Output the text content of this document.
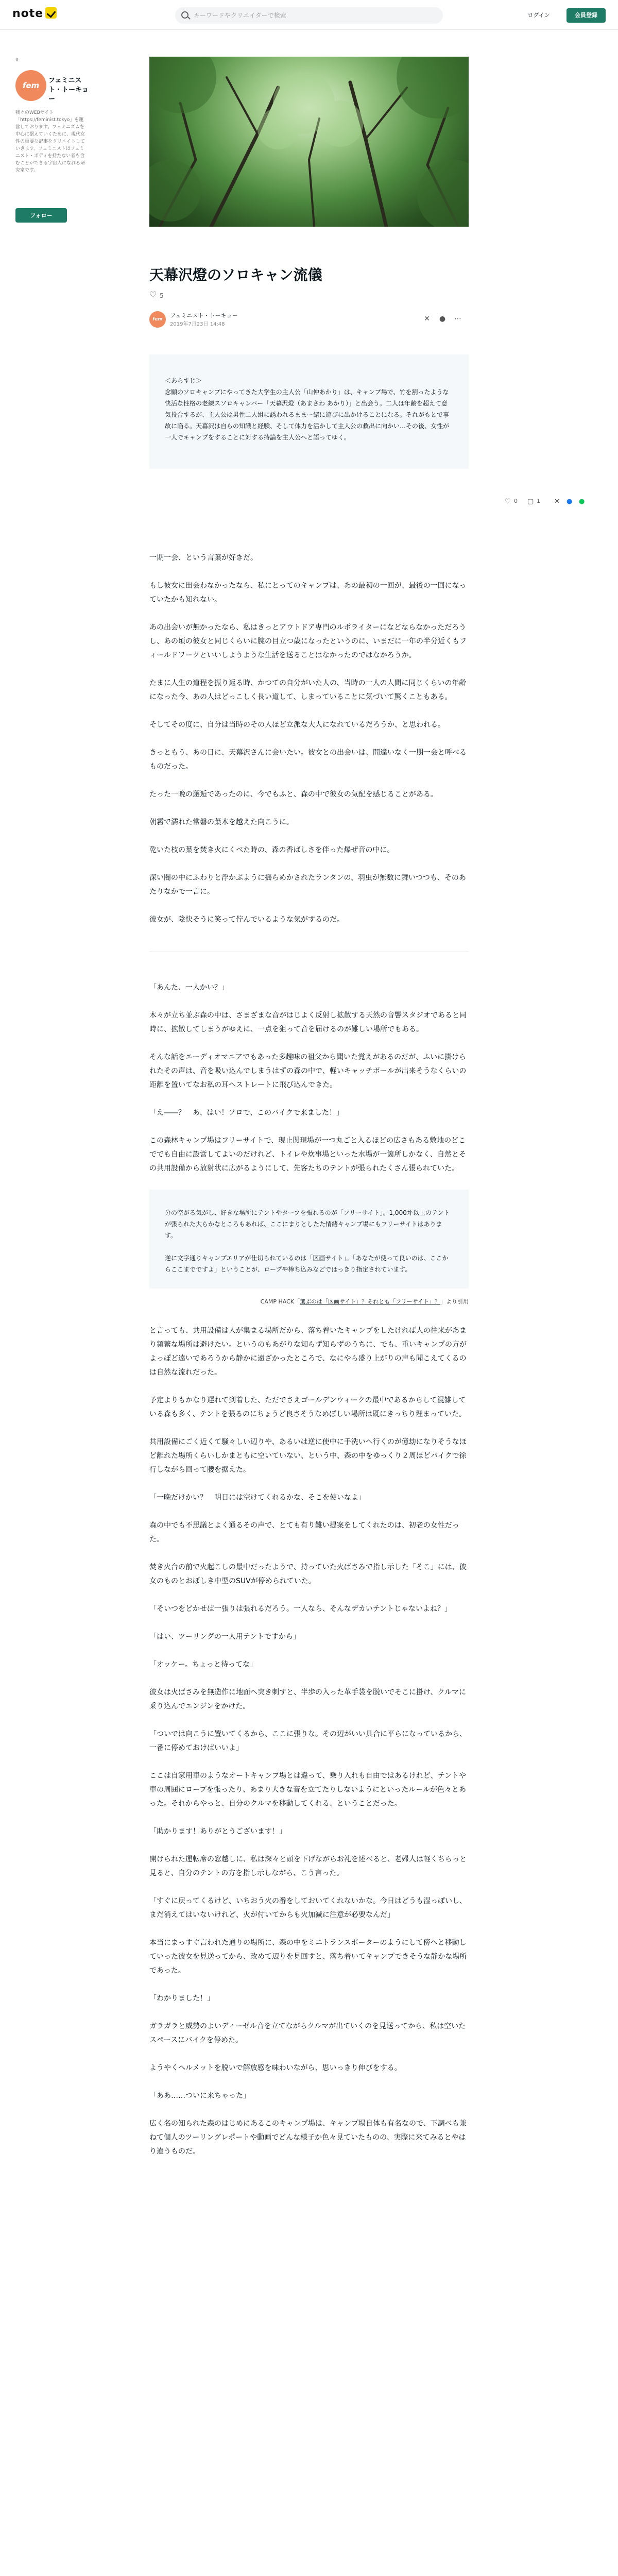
note
キーワードやクリエイターで検索	ログイン	会員登録
ft
fem
フェミニスト・トーキョー
我々のWEBサイト「https://feminist.tokyo」を運営しております。フェミニズムを中心に据えていくために、現代女性の重要な記事をクリエイトしていきます。フェミニストはフェミニスト・ボディを持たない者も含むことができる宇宙人になれる研究室です。
フォロー
天幕沢燈のソロキャン流儀
♡5
fem
フェミニスト・トーキョー
2019年7月23日 14:48
✕ ● ⋯

＜あらすじ＞

念願のソロキャンプにやってきた大学生の主人公「山仲あかり」は、キャンプ場で、竹を割ったような快活な性格の老練スソロキャンパー「天幕沢燈（あまさわ あかり）」と出会う。二人は年齢を超えて意気投合するが、主人公は男性二人組に誘われるままー緒に遊びに出かけることになる。それがもとで事故に陥る。天幕沢は自らの知識と経験、そして体力を活かして主人公の救出に向かい…その後、女性が一人でキャンプをすることに対する持論を主人公へと語ってゆく。

♡ 0 ▢ 1 ✕ ● ●

一期一会、という言葉が好きだ。

もし彼女に出会わなかったなら、私にとってのキャンプは、あの最初の一回が、最後の一回になっていたかも知れない。

あの出会いが無かったなら、私はきっとアウトドア専門のルポライターになどならなかっただろうし、あの頃の彼女と同じくらいに腕の目立つ歳になったというのに、いまだに一年の半分近くもフィールドワークといいしようような生活を送ることはなかったのではなかろうか。

たまに人生の道程を振り返る時、かつての自分がいた人の、当時の一人の人間に同じくらいの年齢になった今、あの人はどっこしく長い道して、しまっていることに気づいて驚くこともある。

そしてその度に、自分は当時のその人ほど立派な大人になれているだろうか、と思われる。

きっともう、あの日に、天幕沢さんに会いたい。彼女との出会いは、間違いなく一期一会と呼べるものだった。

たった一晩の邂逅であったのに、今でもふと、森の中で彼女の気配を感じることがある。

朝霧で濡れた常磐の葉木を越えた向こうに。

乾いた枝の葉を焚き火にくべた時の、森の香ばしさを伴った爆ぜ音の中に。

深い闇の中にふわりと浮かぶように揺らめかされたランタンの、羽虫が無数に舞いつつも、そのあたりなかで一言に。

彼女が、陰快そうに笑って佇んでいるような気がするのだ。

「あんた、一人かい？」

木々が立ち並ぶ森の中は、さまざまな音がはじよく反射し拡散する天然の音響スタジオであると同時に、拡散してしまうがゆえに、一点を狙って音を届けるのが難しい場所でもある。

そんな話をエーディオマニアでもあった多趣味の祖父から聞いた覚えがあるのだが、ふいに掛けられたその声は、音を吸い込んでしまうはずの森の中で、軽いキャッチボールが出来そうなくらいの距離を置いてなお私の耳へストレートに飛び込んできた。

「え――？　あ、はい！ソロで、このバイクで来ました！」

この森林キャンプ場はフリーサイトで、現止関現場が一つ丸ごと入るほどの広さもある敷地のどこででも自由に設営してよいのだけれど、トイレや炊事場といった水場が一箇所しかなく、自然とその共用設備から放射状に広がるようにして、先客たちのテントが張られたくさん張られていた。

分の空がる気がし、好きな場所にテントやタープを張れるのが「フリーサイト」。1,000坪以上のテントが張られた大らかなところもあれば、ここにまりとしたた情緒キャンプ場にもフリーサイトはあります。

逆に文字通りキャンプエリアが仕切られているのは「区画サイト」。「あなたが使って良いのは、ここからここまでですよ」ということが、ロープや棒ち込みなどではっきり指定されています。

CAMP HACK「選ぶのは「区画サイト」？それとも「フリーサイト」？」より引用

と言っても、共用設備は人が集まる場所だから、落ち着いたキャンプをしたければ人の往来があまり頻繁な場所は避けたい。というのもあがりな知らず知らずのうちに、でも、重いキャンプの方がよっぽど遠いであろうから静かに遠ざかったところで、なにやら盛り上がりの声も聞こえてくるのは自然な流れだった。

予定よりもかなり遅れて到着した、ただでさえゴールデンウィークの最中であるからして混雑している森も多く、テントを張るのにちょうど良さそうなめぼしい場所は既にきっちり埋まっていた。

共用設備にごく近くて騒々しい辺りや、あるいは逆に使中に手洗いへ行くのが億劫になりそうなほど離れた場所くらいしかまともに空いていない、という中、森の中をゆっくり２周ほどバイクで徐行しながら回って腰を据えた。

「一晩だけかい？　明日には空けてくれるかな、そこを使いなよ」

森の中でも不思議とよく通るその声で、とても有り難い提案をしてくれたのは、初老の女性だった。

焚き火台の前で火起こしの最中だったようで、持っていた火ばさみで指し示した「そこ」には、彼女のものとおぼしき中型のSUVが停められていた。

「そいつをどかせば一張りは張れるだろう。一人なら、そんなデカいテントじゃないよね？」

「はい、ツーリングの一人用テントですから」

「オッケー。ちょっと待ってな」

彼女は火ばさみを無造作に地面へ突き刺すと、半歩の入った革手袋を脱いでそこに掛け、クルマに乗り込んでエンジンをかけた。

「ついでは向こうに置いてくるから、ここに張りな。その辺がいい具合に平らになっているから、一番に停めておけばいいよ」

ここは自家用車のようなオートキャンプ場とは違って、乗り入れも自由ではあるけれど、テントや車の周囲にロープを張ったり、あまり大きな音を立てたりしないようにといったルールが色々とあった。それからやっと、自分のクルマを移動してくれる、ということだった。

「助かります！ありがとうございます！」

開けられた運転席の窓越しに、私は深々と頭を下げながらお礼を述べると、老婦人は軽くちらっと見ると、自分のテントの方を指し示しながら、こう言った。

「すぐに戻ってくるけど、いちおう火の番をしておいてくれないかな。今日はどうも湿っぽいし、まだ消えてはいないけれど、火が付いてからも火加減に注意が必要なんだ」

本当にまっすぐ言われた通りの場所に、森の中をミニトランスポーターのようにして傍へと移動していった彼女を見送ってから、改めて辺りを見回すと、落ち着いてキャンプできそうな静かな場所であった。

「わかりました！」

ガラガラと威勢のよいディーゼル音を立てながらクルマが出ていくのを見送ってから、私は空いたスペースにバイクを停めた。

ようやくヘルメットを脱いで解放感を味わいながら、思いっきり伸びをする。

「ああ……ついに来ちゃった」

広く名の知られた森のはじめにあるこのキャンプ場は、キャンプ場自体も有名なので、下調べも兼ねて個人のツーリングレポートや動画でどんな様子か色々見ていたものの、実際に来てみるとやはり違うものだ。
